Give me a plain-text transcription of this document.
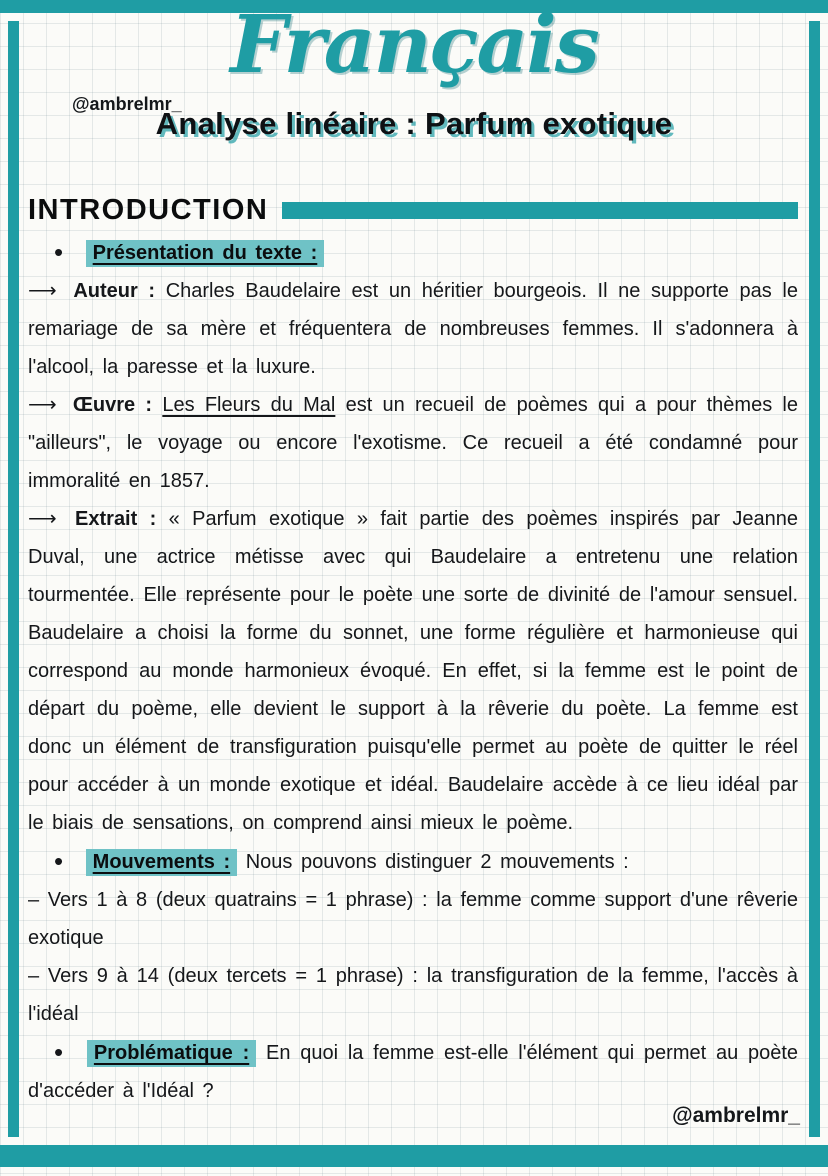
Français
@ambrelmr_
Analyse linéaire : Parfum exotique
INTRODUCTION

• Présentation du texte :

⟶ Auteur : Charles Baudelaire est un héritier bourgeois. Il ne supporte pas le remariage de sa mère et fréquentera de nombreuses femmes. Il s'adonnera à l'alcool, la paresse et la luxure.

⟶ Œuvre : Les Fleurs du Mal est un recueil de poèmes qui a pour thèmes le "ailleurs", le voyage ou encore l'exotisme. Ce recueil a été condamné pour immoralité en 1857.

⟶ Extrait : « Parfum exotique » fait partie des poèmes inspirés par Jeanne Duval, une actrice métisse avec qui Baudelaire a entretenu une relation tourmentée. Elle représente pour le poète une sorte de divinité de l'amour sensuel. Baudelaire a choisi la forme du sonnet, une forme régulière et harmonieuse qui correspond au monde harmonieux évoqué. En effet, si la femme est le point de départ du poème, elle devient le support à la rêverie du poète. La femme est donc un élément de transfiguration puisqu'elle permet au poète de quitter le réel pour accéder à un monde exotique et idéal. Baudelaire accède à ce lieu idéal par le biais de sensations, on comprend ainsi mieux le poème.

• Mouvements : Nous pouvons distinguer 2 mouvements :

– Vers 1 à 8 (deux quatrains = 1 phrase) : la femme comme support d'une rêverie exotique

– Vers 9 à 14 (deux tercets = 1 phrase) : la transfiguration de la femme, l'accès à l'idéal

• Problématique : En quoi la femme est-elle l'élément qui permet au poète d'accéder à l'Idéal ?

@ambrelmr_
